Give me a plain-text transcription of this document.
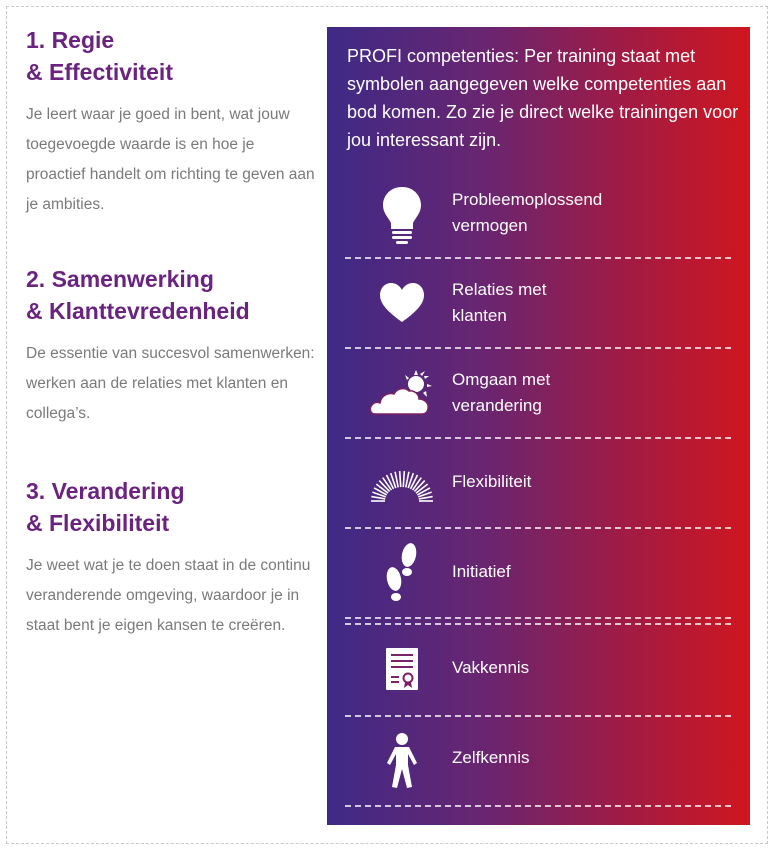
1. Regie
& Effectiviteit

Je leert waar je goed in bent, wat jouw toegevoegde waarde is en hoe je proactief handelt om richting te geven aan je ambities.

2. Samenwerking
& Klanttevredenheid

De essentie van succesvol samenwerken: werken aan de relaties met klanten en collega’s.

3. Verandering
& Flexibiliteit

Je weet wat je te doen staat in de continu veranderende omgeving, waardoor je in staat bent je eigen kansen te creëren.

PROFI competenties: Per training staat met symbolen aangegeven welke competenties aan bod komen. Zo zie je direct welke trainingen voor jou interessant zijn.
Probleemoplossend
vermogen
Relaties met
klanten
Omgaan met
verandering
Flexibiliteit
Initiatief
Vakkennis
Zelfkennis
